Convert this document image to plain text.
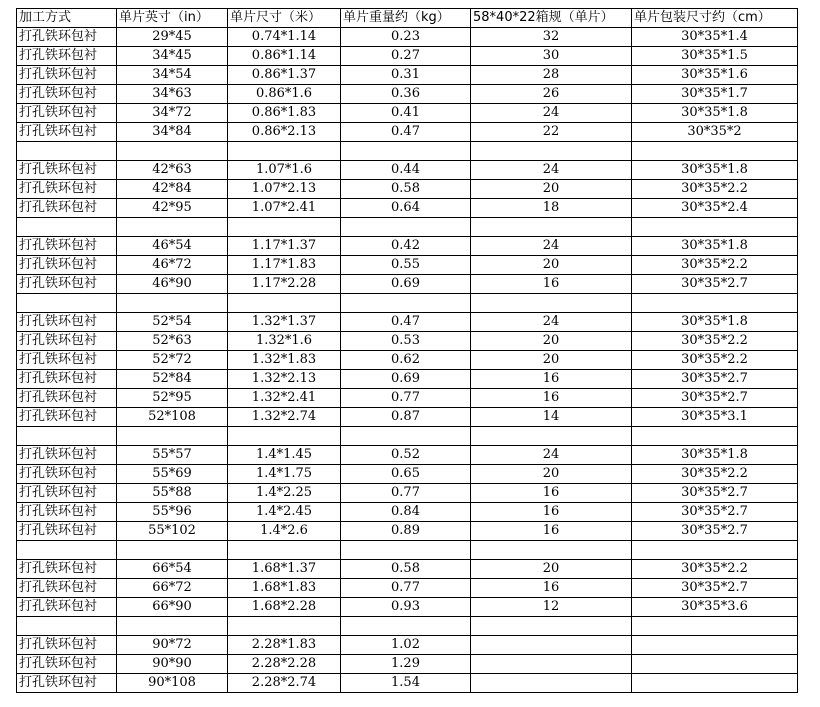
加工方式	单片英寸（in）	单片尺寸（米）	单片重量约（kg）	58*40*22箱规（单片）	单片包装尺寸约（cm）
打孔铁环包衬	29*45	0.74*1.14	0.23	32	30*35*1.4
打孔铁环包衬	34*45	0.86*1.14	0.27	30	30*35*1.5
打孔铁环包衬	34*54	0.86*1.37	0.31	28	30*35*1.6
打孔铁环包衬	34*63	0.86*1.6	0.36	26	30*35*1.7
打孔铁环包衬	34*72	0.86*1.83	0.41	24	30*35*1.8
打孔铁环包衬	34*84	0.86*2.13	0.47	22	30*35*2

打孔铁环包衬	42*63	1.07*1.6	0.44	24	30*35*1.8
打孔铁环包衬	42*84	1.07*2.13	0.58	20	30*35*2.2
打孔铁环包衬	42*95	1.07*2.41	0.64	18	30*35*2.4

打孔铁环包衬	46*54	1.17*1.37	0.42	24	30*35*1.8
打孔铁环包衬	46*72	1.17*1.83	0.55	20	30*35*2.2
打孔铁环包衬	46*90	1.17*2.28	0.69	16	30*35*2.7

打孔铁环包衬	52*54	1.32*1.37	0.47	24	30*35*1.8
打孔铁环包衬	52*63	1.32*1.6	0.53	20	30*35*2.2
打孔铁环包衬	52*72	1.32*1.83	0.62	20	30*35*2.2
打孔铁环包衬	52*84	1.32*2.13	0.69	16	30*35*2.7
打孔铁环包衬	52*95	1.32*2.41	0.77	16	30*35*2.7
打孔铁环包衬	52*108	1.32*2.74	0.87	14	30*35*3.1

打孔铁环包衬	55*57	1.4*1.45	0.52	24	30*35*1.8
打孔铁环包衬	55*69	1.4*1.75	0.65	20	30*35*2.2
打孔铁环包衬	55*88	1.4*2.25	0.77	16	30*35*2.7
打孔铁环包衬	55*96	1.4*2.45	0.84	16	30*35*2.7
打孔铁环包衬	55*102	1.4*2.6	0.89	16	30*35*2.7

打孔铁环包衬	66*54	1.68*1.37	0.58	20	30*35*2.2
打孔铁环包衬	66*72	1.68*1.83	0.77	16	30*35*2.7
打孔铁环包衬	66*90	1.68*2.28	0.93	12	30*35*3.6

打孔铁环包衬	90*72	2.28*1.83	1.02		
打孔铁环包衬	90*90	2.28*2.28	1.29		
打孔铁环包衬	90*108	2.28*2.74	1.54		
